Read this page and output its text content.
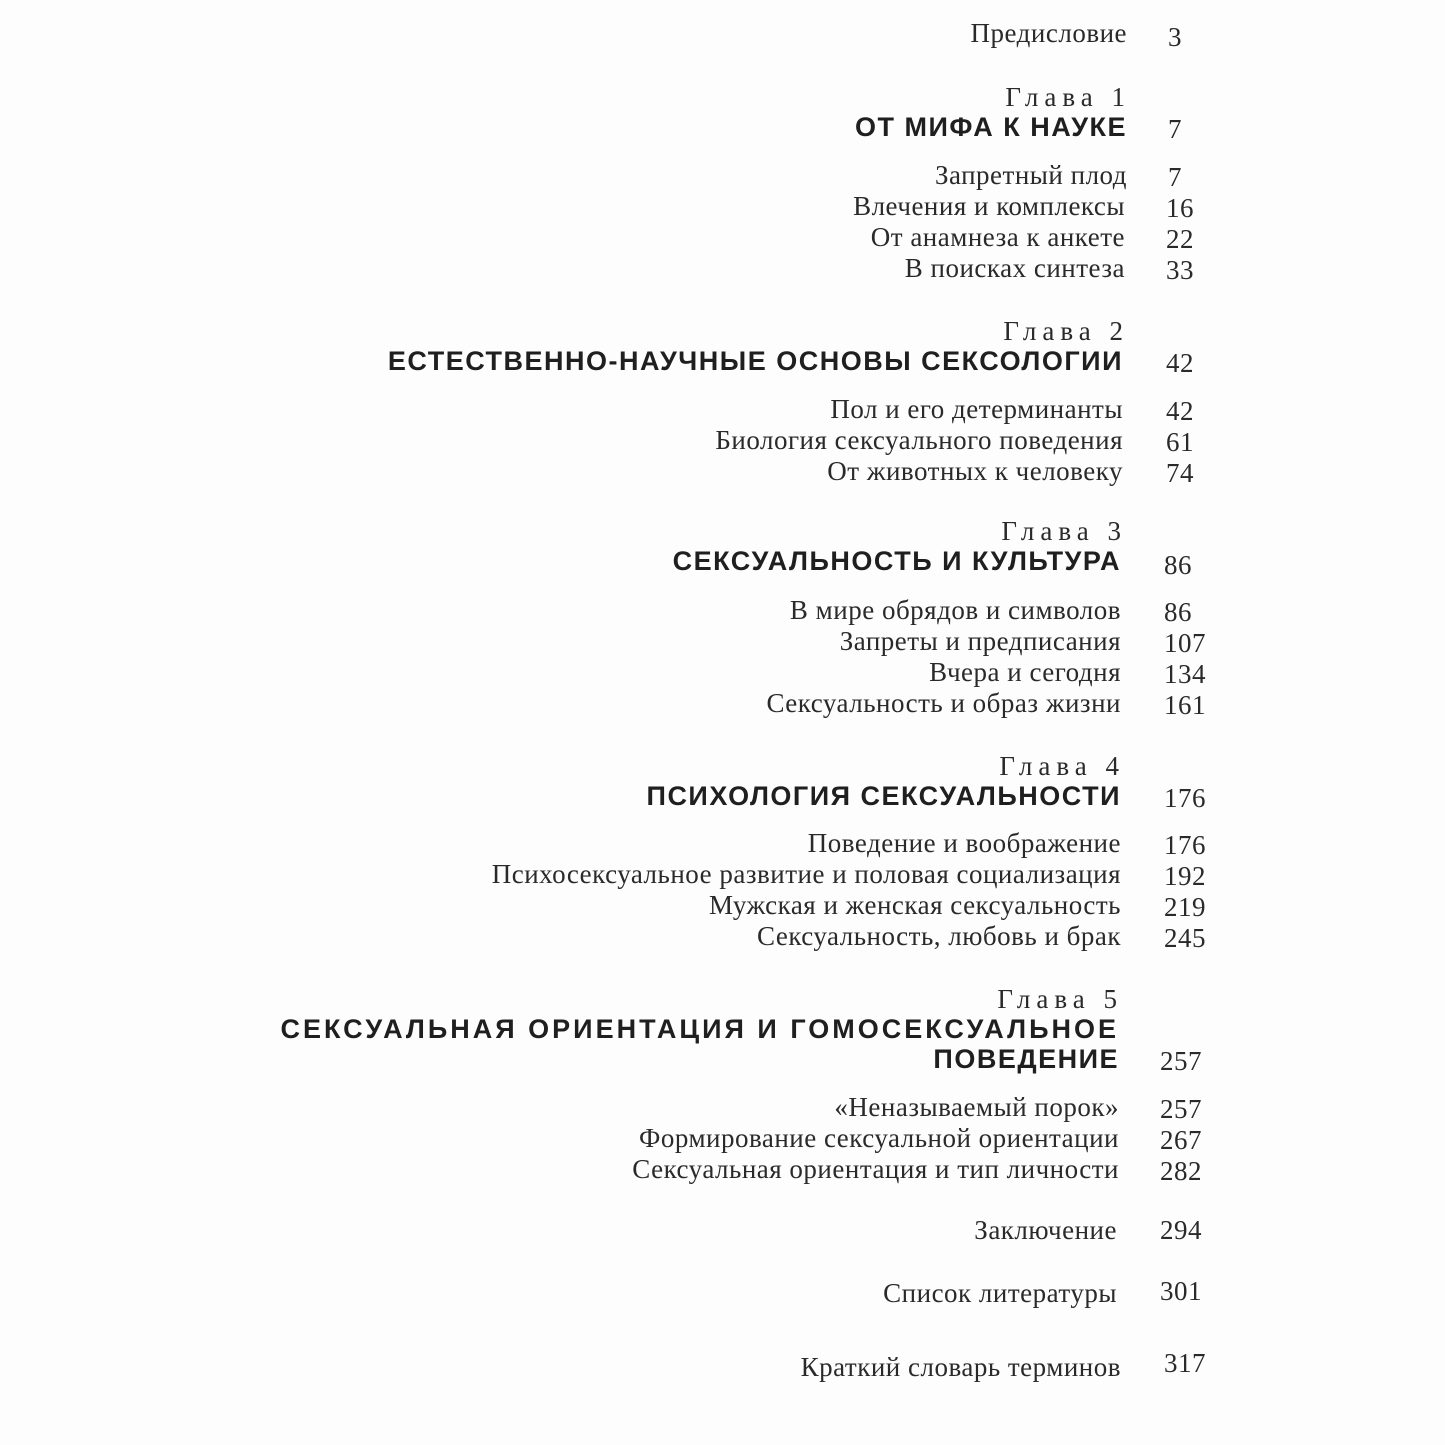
Предисловие 3
Глава 1
ОТ МИФА К НАУКЕ 7
Запретный плод 7
Влечения и комплексы 16
От анамнеза к анкете 22
В поисках синтеза 33
Глава 2
ЕСТЕСТВЕННО-НАУЧНЫЕ ОСНОВЫ СЕКСОЛОГИИ 42
Пол и его детерминанты 42
Биология сексуального поведения 61
От животных к человеку 74
Глава 3
СЕКСУАЛЬНОСТЬ И КУЛЬТУРА 86
В мире обрядов и символов 86
Запреты и предписания 107
Вчера и сегодня 134
Сексуальность и образ жизни 161
Глава 4
ПСИХОЛОГИЯ СЕКСУАЛЬНОСТИ 176
Поведение и воображение 176
Психосексуальное развитие и половая социализация 192
Мужская и женская сексуальность 219
Сексуальность, любовь и брак 245
Глава 5
СЕКСУАЛЬНАЯ ОРИЕНТАЦИЯ И ГОМОСЕКСУАЛЬНОЕ
ПОВЕДЕНИЕ 257
«Неназываемый порок» 257
Формирование сексуальной ориентации 267
Сексуальная ориентация и тип личности 282
Заключение 294
Список литературы 301
Краткий словарь терминов 317
